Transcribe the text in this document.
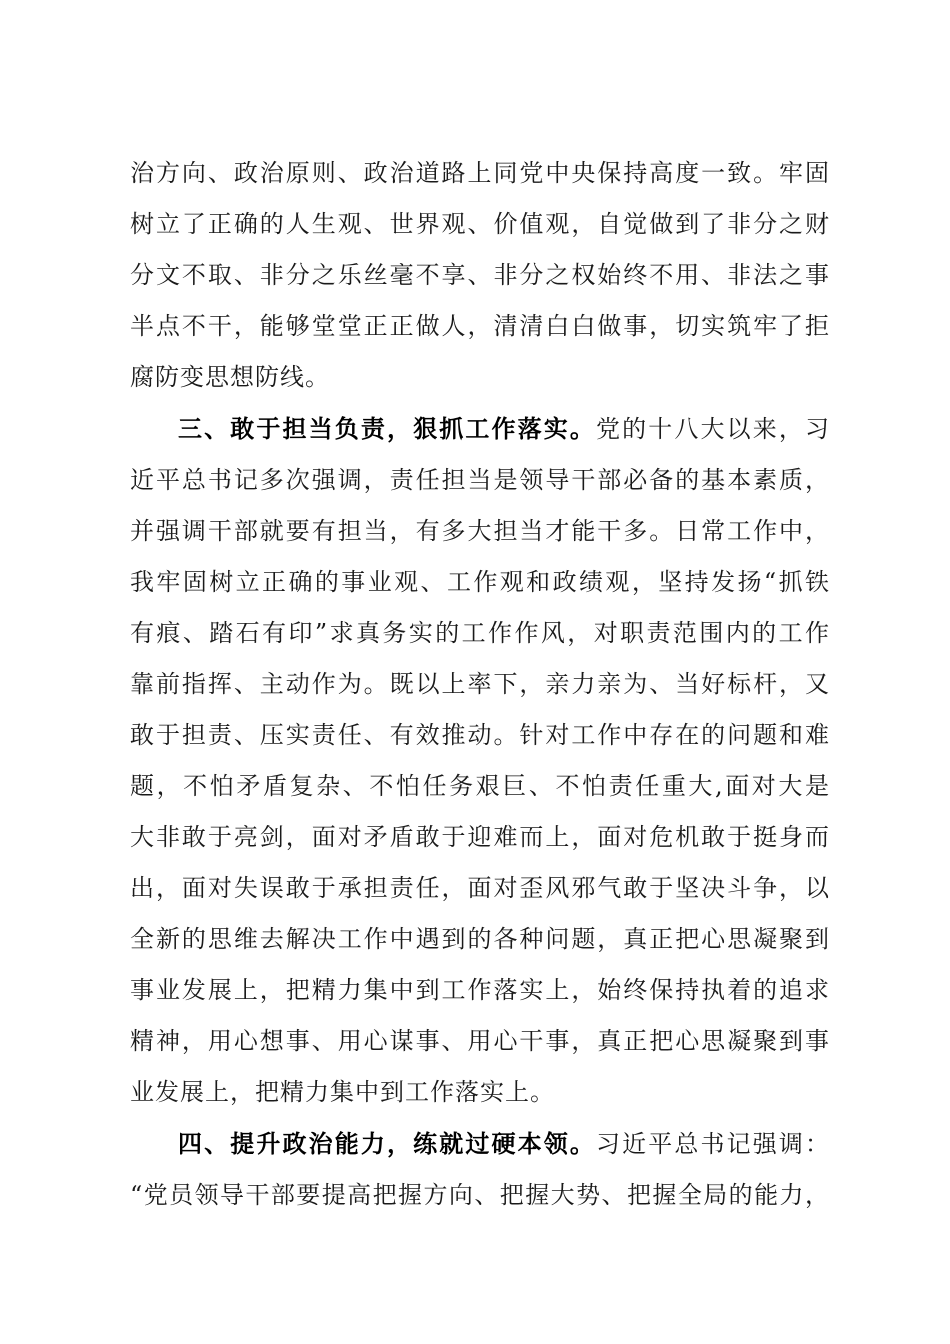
治方向、政治原则、政治道路上同党中央保持高度一致。牢固
树立了正确的人生观、世界观、价值观，自觉做到了非分之财
分文不取、非分之乐丝毫不享、非分之权始终不用、非法之事
半点不干，能够堂堂正正做人，清清白白做事，切实筑牢了拒
腐防变思想防线。

三、敢于担当负责，狠抓工作落实。党的十八大以来，习
近平总书记多次强调，责任担当是领导干部必备的基本素质，
并强调干部就要有担当，有多大担当才能干多。日常工作中，
我牢固树立正确的事业观、工作观和政绩观，坚持发扬“抓铁
有痕、踏石有印”求真务实的工作作风，对职责范围内的工作
靠前指挥、主动作为。既以上率下，亲力亲为、当好标杆，又
敢于担责、压实责任、有效推动。针对工作中存在的问题和难
题，不怕矛盾复杂、不怕任务艰巨、不怕责任重大,面对大是
大非敢于亮剑，面对矛盾敢于迎难而上，面对危机敢于挺身而
出，面对失误敢于承担责任，面对歪风邪气敢于坚决斗争，以
全新的思维去解决工作中遇到的各种问题，真正把心思凝聚到
事业发展上，把精力集中到工作落实上，始终保持执着的追求
精神，用心想事、用心谋事、用心干事，真正把心思凝聚到事
业发展上，把精力集中到工作落实上。

四、提升政治能力，练就过硬本领。习近平总书记强调：
“党员领导干部要提高把握方向、把握大势、把握全局的能力，
